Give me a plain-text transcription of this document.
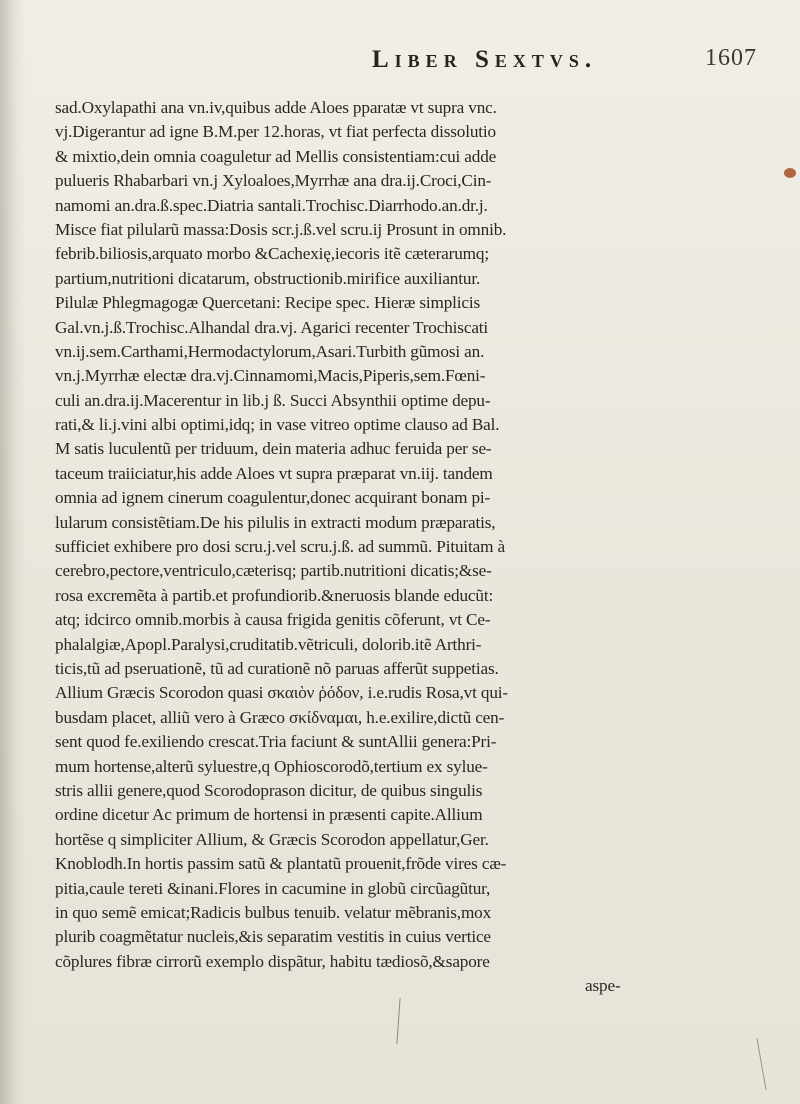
Liber Sextvs.	1607
sad.Oxylapathi ana vn.iv,quibus adde Aloes pparatæ vt supra vnc.
vj.Digerantur ad igne B.M.per 12.horas, vt fiat perfecta dissolutio
& mixtio,dein omnia coaguletur ad Mellis consistentiam:cui adde
pulueris Rhabarbari vn.j Xyloaloes,Myrrhæ ana dra.ij.Croci,Cin-
namomi an.dra.ß.spec.Diatria santali.Trochisc.Diarrhodo.an.dr.j.
Misce fiat pilularũ massa:Dosis scr.j.ß.vel scru.ij Prosunt in omnib.
febrib.biliosis,arquato morbo &Cachexię,iecoris itẽ cæterarumq;
partium,nutritioni dicatarum, obstructionib.mirifice auxiliantur.
Pilulæ Phlegmagogæ Quercetani: Recipe spec. Hieræ simplicis
Gal.vn.j.ß.Trochisc.Alhandal dra.vj. Agarici recenter Trochiscati
vn.ij.sem.Carthami,Hermodactylorum,Asari.Turbith gũmosi an.
vn.j.Myrrhæ electæ dra.vj.Cinnamomi,Macis,Piperis,sem.Fœni-
culi an.dra.ij.Macerentur in lib.j ß. Succi Absynthii optime depu-
rati,& li.j.vini albi optimi,idq; in vase vitreo optime clauso ad Bal.
M satis luculentũ per triduum, dein materia adhuc feruida per se-
taceum traiiciatur,his adde Aloes vt supra præparat vn.iij. tandem
omnia ad ignem cinerum coagulentur,donec acquirant bonam pi-
lularum consistẽtiam.De his pilulis in extracti modum præparatis,
sufficiet exhibere pro dosi scru.j.vel scru.j.ß. ad summũ. Pituitam à
cerebro,pectore,ventriculo,cæterisq; partib.nutritioni dicatis;&se-
rosa excremẽta à partib.et profundiorib.&neruosis blande educũt:
atq; idcirco omnib.morbis à causa frigida genitis cõferunt, vt Ce-
phalalgiæ,Apopl.Paralysi,cruditatib.vẽtriculi, dolorib.itẽ Arthri-
ticis,tũ ad pseruationẽ, tũ ad curationẽ nõ paruas afferũt suppetias.
Allium Græcis Scorodon quasi σκαιὸν ῥόδον, i.e.rudis Rosa,vt qui-
busdam placet, alliũ vero à Græco σκίδναμαι, h.e.exilire,dictũ cen-
sent quod fe.exiliendo crescat.Tria faciunt & suntAllii genera:Pri-
mum hortense,alterũ syluestre,q Ophioscorodõ,tertium ex sylue-
stris allii genere,quod Scorodoprason dicitur, de quibus singulis
ordine dicetur Ac primum de hortensi in præsenti capite.Allium
hortẽse q simpliciter Allium, & Græcis Scorodon appellatur,Ger.
Knoblodh.In hortis passim satũ & plantatũ prouenit,frõde vires cæ-
pitia,caule tereti &inani.Flores in cacumine in globũ circũagũtur,
in quo semẽ emicat;Radicis bulbus tenuib. velatur mẽbranis,mox
plurib coagmẽtatur nucleis,&is separatim vestitis in cuius vertice
cõplures fibræ cirrorũ exemplo dispãtur, habitu tædiosõ,&sapore
aspe-
